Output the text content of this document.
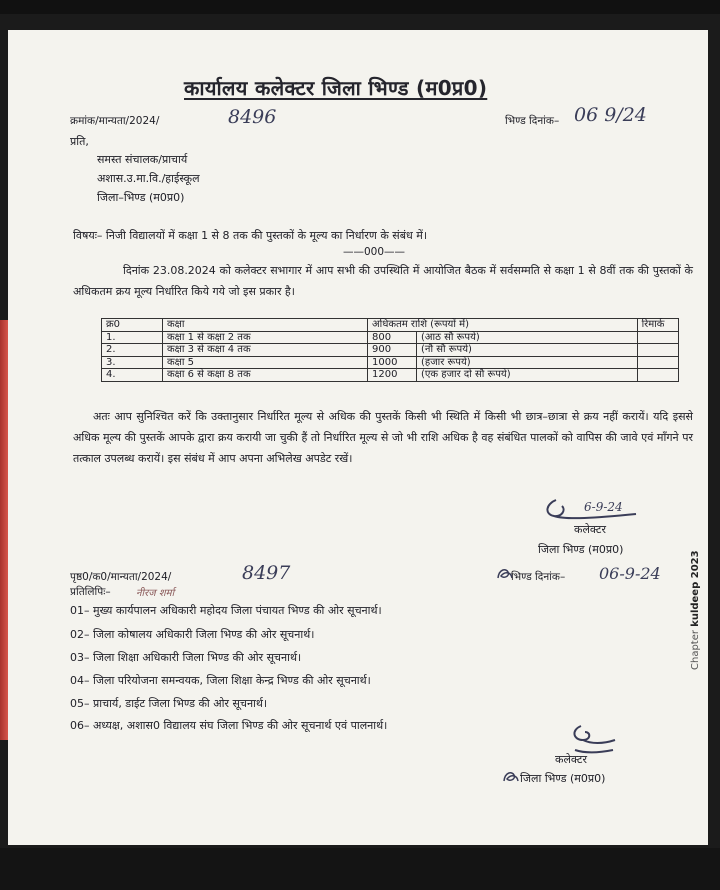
कार्यालय कलेक्टर जिला भिण्ड (म0प्र0)
क्रमांक/मान्यता/2024/	8496	भिण्ड दिनांक– 06 9/24
प्रति,
समस्त संचालक/प्राचार्य
अशास.उ.मा.वि./हाईस्कूल
जिला–भिण्ड (म0प्र0)
विषयः– निजी विद्यालयों में कक्षा 1 से 8 तक की पुस्तकों के मूल्य का निर्धारण के संबंध में।
——000——
दिनांक 23.08.2024 को कलेक्टर सभागार में आप सभी की उपस्थिति में आयोजित बैठक में सर्वसम्मति से कक्षा 1 से 8वीं तक की पुस्तकों के अधिकतम क्रय मूल्य निर्धारित किये गये जो इस प्रकार है।
क्र0	कक्षा	अधिकतम राशि (रूपयों में)		रिमार्क
1.	कक्षा 1 से कक्षा 2 तक	800	(आठ सौ रूपये)	
2.	कक्षा 3 से कक्षा 4 तक	900	(नौ सौ रूपये)	
3.	कक्षा 5	1000	(हजार रूपये)	
4.	कक्षा 6 से कक्षा 8 तक	1200	(एक हजार दो सौ रूपये)	
अतः आप सुनिश्चित करें कि उक्तानुसार निर्धारित मूल्य से अधिक की पुस्तकें किसी भी स्थिति में किसी भी छात्र–छात्रा से क्रय नहीं करायें। यदि इससे अधिक मूल्य की पुस्तकें आपके द्वारा क्रय करायी जा चुकी हैं तो निर्धारित मूल्य से जो भी राशि अधिक है वह संबंधित पालकों को वापिस की जावे एवं माँगने पर तत्काल उपलब्ध करायें। इस संबंध में आप अपना अभिलेख अपडेट रखें।
6-9-24
कलेक्टर
जिला भिण्ड (म0प्र0)
पृष्ठ0/क0/मान्यता/2024/	8497
प्रतिलिपिः–	नीरज शर्मा
भिण्ड दिनांक– 06-9-24
01– मुख्य कार्यपालन अधिकारी महोदय जिला पंचायत भिण्ड की ओर सूचनार्थ।
02– जिला कोषालय अधिकारी जिला भिण्ड की ओर सूचनार्थ।
03– जिला शिक्षा अधिकारी जिला भिण्ड की ओर सूचनार्थ।
04– जिला परियोजना समन्वयक, जिला शिक्षा केन्द्र भिण्ड की ओर सूचनार्थ।
05– प्राचार्य, डाईट जिला भिण्ड की ओर सूचनार्थ।
06– अध्यक्ष, अशास0 विद्यालय संघ जिला भिण्ड की ओर सूचनार्थ एवं पालनार्थ।
कलेक्टर
जिला भिण्ड (म0प्र0)
Chapter kuldeep 2023
